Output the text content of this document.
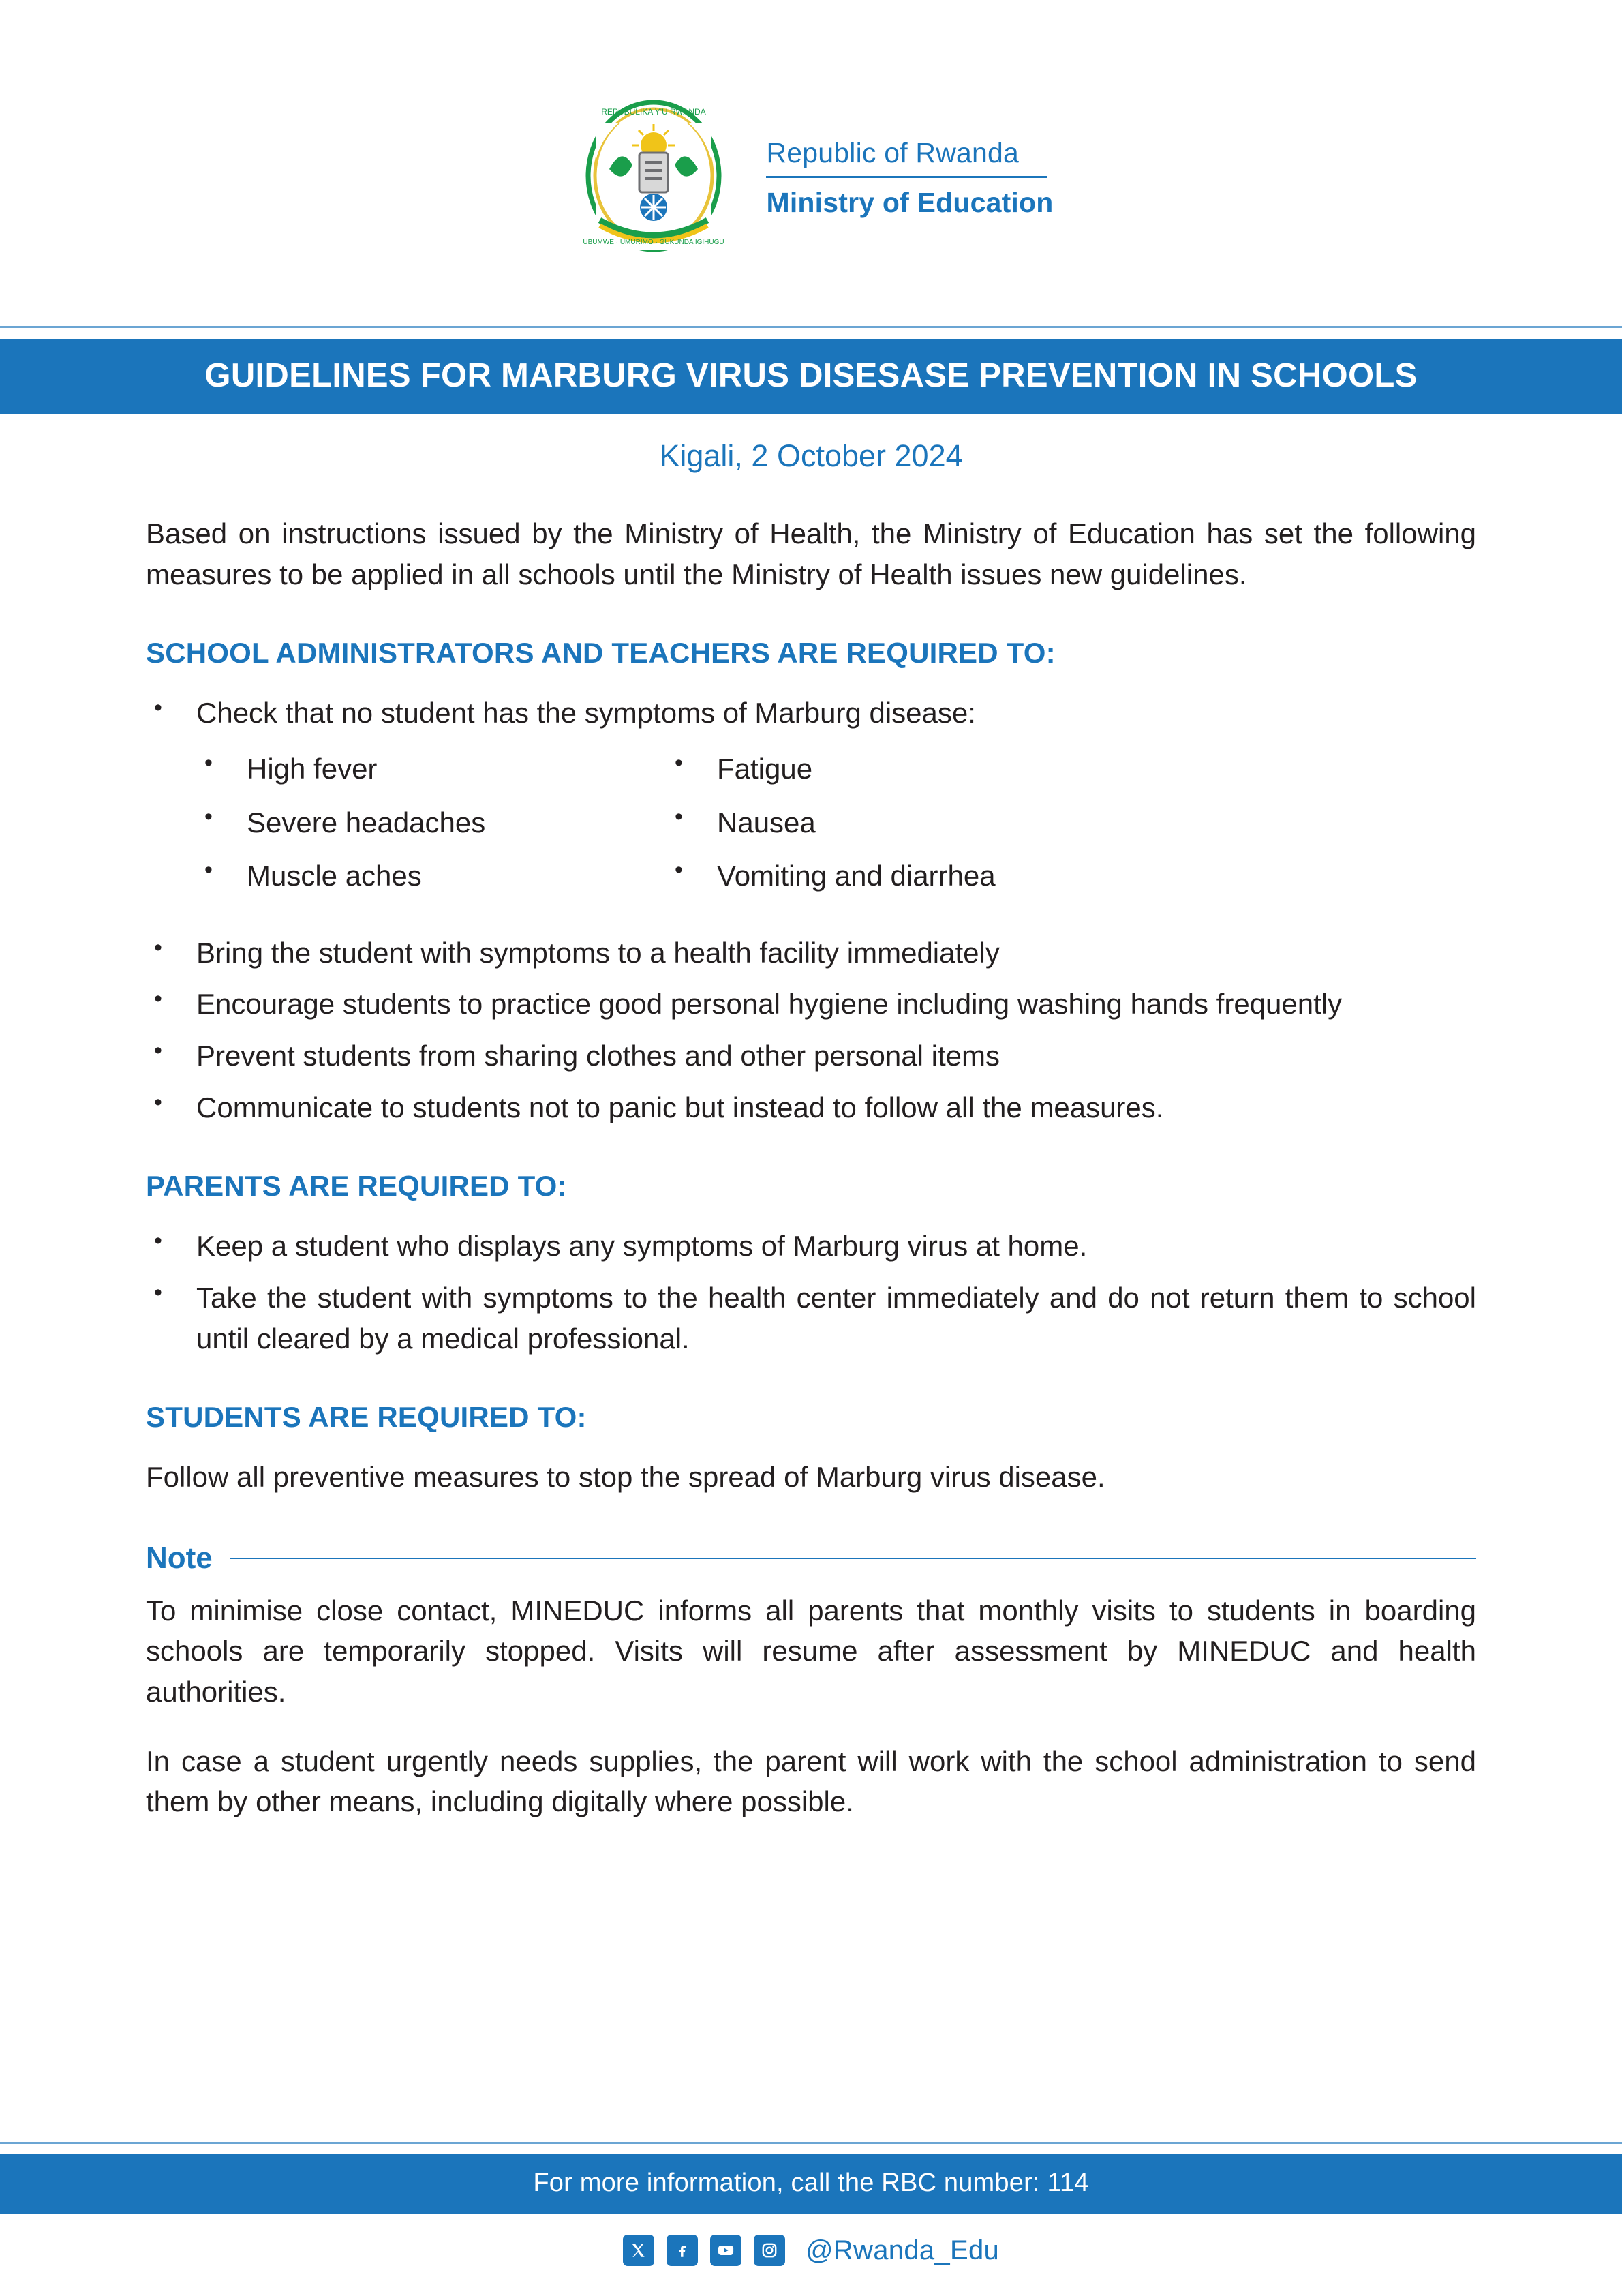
REPUBULIKA Y'U RWANDA
UBUMWE · UMURIMO · GUKUNDA IGIHUGU
Republic of Rwanda
Ministry of Education
GUIDELINES FOR MARBURG VIRUS DISESASE PREVENTION IN SCHOOLS
Kigali, 2 October 2024

Based on instructions issued by the Ministry of Health, the Ministry of Education has set the following measures to be applied in all schools until the Ministry of Health issues new guidelines.

SCHOOL ADMINISTRATORS AND TEACHERS ARE REQUIRED TO:
• Check that no student has the symptoms of Marburg disease:
• High fever
• Severe headaches
• Muscle aches
• Fatigue
• Nausea
• Vomiting and diarrhea
• Bring the student with symptoms to a health facility immediately
• Encourage students to practice good personal hygiene including washing hands frequently
• Prevent students from sharing clothes and other personal items
• Communicate to students not to panic but instead to follow all the measures.
PARENTS ARE REQUIRED TO:
• Keep a student who displays any symptoms of Marburg virus at home.
• Take the student with symptoms to the health center immediately and do not return them to school until cleared by a medical professional.
STUDENTS ARE REQUIRED TO:

Follow all preventive measures to stop the spread of Marburg virus disease.

Note

To minimise close contact, MINEDUC informs all parents that monthly visits to students in boarding schools are temporarily stopped. Visits will resume after assessment by MINEDUC and health authorities.

In case a student urgently needs supplies, the parent will work with the school administration to send them by other means, including digitally where possible.

For more information, call the RBC number: 114
@Rwanda_Edu
